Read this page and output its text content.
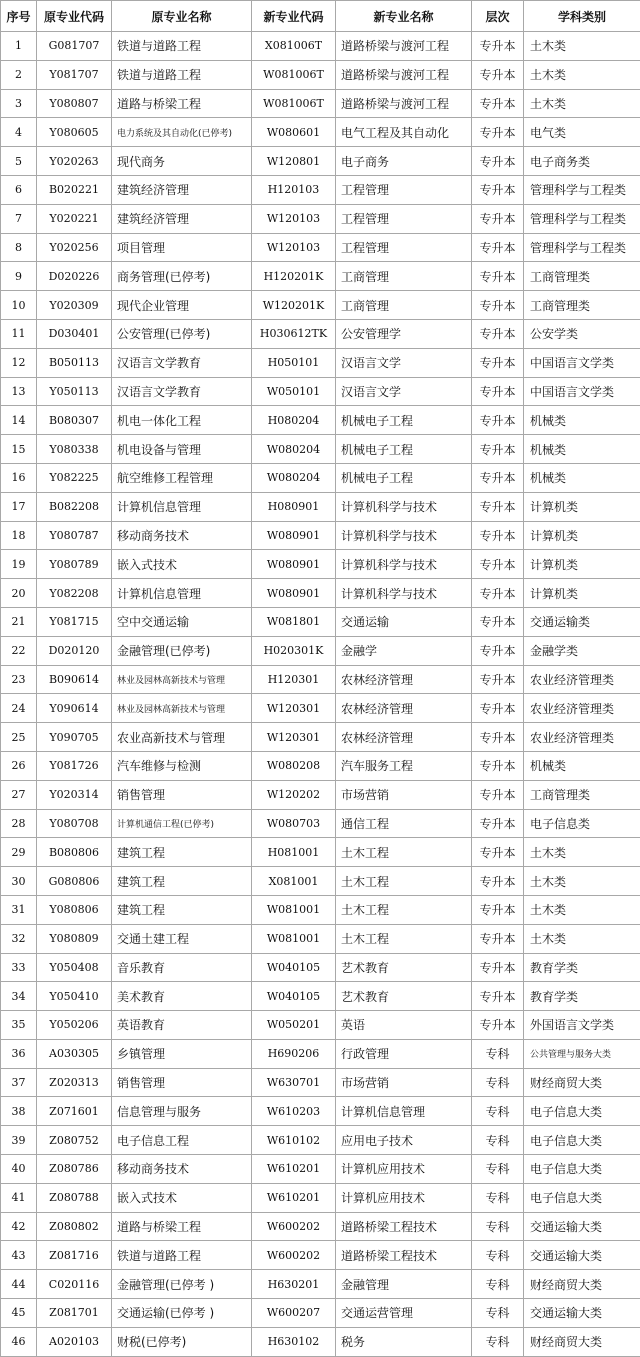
序号	原专业代码	原专业名称	新专业代码	新专业名称	层次	学科类别
1	G081707	铁道与道路工程	X081006T	道路桥梁与渡河工程	专升本	土木类
2	Y081707	铁道与道路工程	W081006T	道路桥梁与渡河工程	专升本	土木类
3	Y080807	道路与桥梁工程	W081006T	道路桥梁与渡河工程	专升本	土木类
4	Y080605	电力系统及其自动化(已停考)	W080601	电气工程及其自动化	专升本	电气类
5	Y020263	现代商务	W120801	电子商务	专升本	电子商务类
6	B020221	建筑经济管理	H120103	工程管理	专升本	管理科学与工程类
7	Y020221	建筑经济管理	W120103	工程管理	专升本	管理科学与工程类
8	Y020256	项目管理	W120103	工程管理	专升本	管理科学与工程类
9	D020226	商务管理(已停考)	H120201K	工商管理	专升本	工商管理类
10	Y020309	现代企业管理	W120201K	工商管理	专升本	工商管理类
11	D030401	公安管理(已停考)	H030612TK	公安管理学	专升本	公安学类
12	B050113	汉语言文学教育	H050101	汉语言文学	专升本	中国语言文学类
13	Y050113	汉语言文学教育	W050101	汉语言文学	专升本	中国语言文学类
14	B080307	机电一体化工程	H080204	机械电子工程	专升本	机械类
15	Y080338	机电设备与管理	W080204	机械电子工程	专升本	机械类
16	Y082225	航空维修工程管理	W080204	机械电子工程	专升本	机械类
17	B082208	计算机信息管理	H080901	计算机科学与技术	专升本	计算机类
18	Y080787	移动商务技术	W080901	计算机科学与技术	专升本	计算机类
19	Y080789	嵌入式技术	W080901	计算机科学与技术	专升本	计算机类
20	Y082208	计算机信息管理	W080901	计算机科学与技术	专升本	计算机类
21	Y081715	空中交通运输	W081801	交通运输	专升本	交通运输类
22	D020120	金融管理(已停考)	H020301K	金融学	专升本	金融学类
23	B090614	林业及园林高新技术与管理	H120301	农林经济管理	专升本	农业经济管理类
24	Y090614	林业及园林高新技术与管理	W120301	农林经济管理	专升本	农业经济管理类
25	Y090705	农业高新技术与管理	W120301	农林经济管理	专升本	农业经济管理类
26	Y081726	汽车维修与检测	W080208	汽车服务工程	专升本	机械类
27	Y020314	销售管理	W120202	市场营销	专升本	工商管理类
28	Y080708	计算机通信工程(已停考)	W080703	通信工程	专升本	电子信息类
29	B080806	建筑工程	H081001	土木工程	专升本	土木类
30	G080806	建筑工程	X081001	土木工程	专升本	土木类
31	Y080806	建筑工程	W081001	土木工程	专升本	土木类
32	Y080809	交通土建工程	W081001	土木工程	专升本	土木类
33	Y050408	音乐教育	W040105	艺术教育	专升本	教育学类
34	Y050410	美术教育	W040105	艺术教育	专升本	教育学类
35	Y050206	英语教育	W050201	英语	专升本	外国语言文学类
36	A030305	乡镇管理	H690206	行政管理	专科	公共管理与服务大类
37	Z020313	销售管理	W630701	市场营销	专科	财经商贸大类
38	Z071601	信息管理与服务	W610203	计算机信息管理	专科	电子信息大类
39	Z080752	电子信息工程	W610102	应用电子技术	专科	电子信息大类
40	Z080786	移动商务技术	W610201	计算机应用技术	专科	电子信息大类
41	Z080788	嵌入式技术	W610201	计算机应用技术	专科	电子信息大类
42	Z080802	道路与桥梁工程	W600202	道路桥梁工程技术	专科	交通运输大类
43	Z081716	铁道与道路工程	W600202	道路桥梁工程技术	专科	交通运输大类
44	C020116	金融管理(已停考 )	H630201	金融管理	专科	财经商贸大类
45	Z081701	交通运输(已停考 )	W600207	交通运营管理	专科	交通运输大类
46	A020103	财税(已停考)	H630102	税务	专科	财经商贸大类
